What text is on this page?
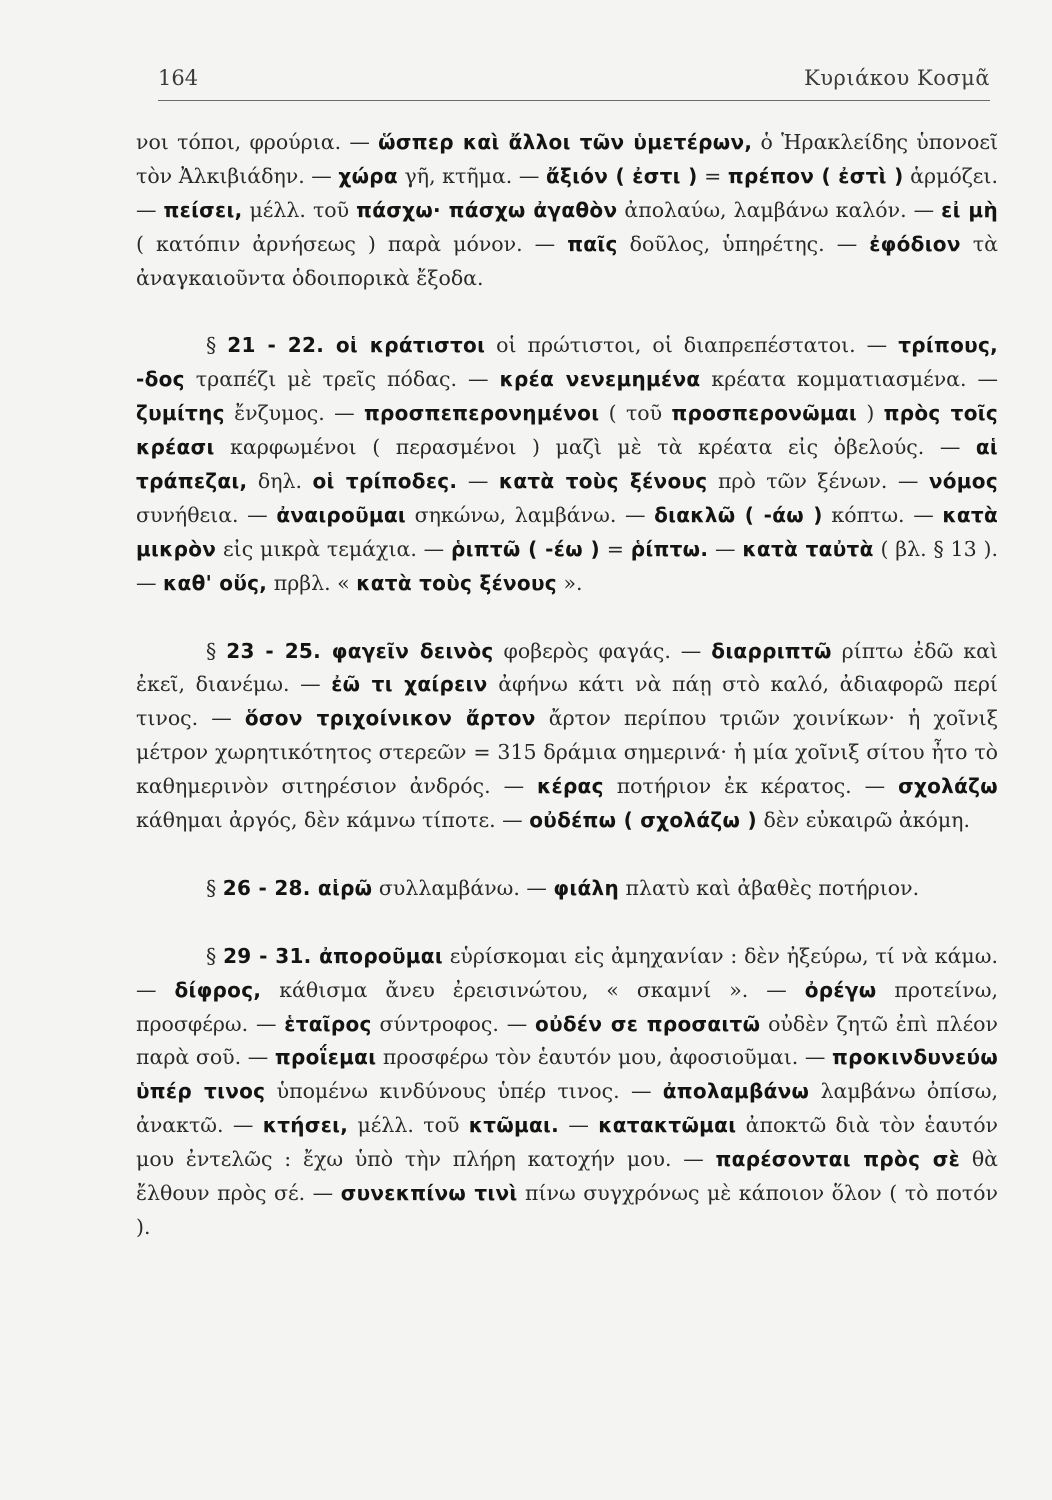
164	Κυριάκου Κοσμᾶ

νοι τόποι, φρούρια. — ὥσπερ καὶ ἄλλοι τῶν ὑμετέρων, ὁ Ἡρακλείδης ὑπονοεῖ τὸν Ἀλκιβιάδην. — χώρα γῆ, κτῆμα. — ἄξιόν ( ἐστι ) = πρέπον ( ἐστὶ ) ἁρμόζει. — πείσει, μέλλ. τοῦ πάσχω· πάσχω ἀγαθὸν ἀπολαύω, λαμβάνω καλόν. — εἰ μὴ ( κατόπιν ἀρνήσεως ) παρὰ μόνον. — παῖς δοῦλος, ὑπηρέτης. — ἐφόδιον τὰ ἀναγκαιοῦντα ὁδοιπορικὰ ἔξοδα.

§ 21 - 22. οἱ κράτιστοι οἱ πρώτιστοι, οἱ διαπρεπέστατοι. — τρίπους, -δος τραπέζι μὲ τρεῖς πόδας. — κρέα νενεμημένα κρέατα κομματιασμένα. — ζυμίτης ἔνζυμος. — προσπεπερονημένοι ( τοῦ προσπερονῶμαι ) πρὸς τοῖς κρέασι καρφωμένοι ( περασμένοι ) μαζὶ μὲ τὰ κρέατα εἰς ὀβελούς. — αἱ τράπεζαι, δηλ. οἱ τρίποδες. — κατὰ τοὺς ξένους πρὸ τῶν ξένων. — νόμος συνήθεια. — ἀναιροῦμαι σηκώνω, λαμβάνω. — διακλῶ ( -άω ) κόπτω. — κατὰ μικρὸν εἰς μικρὰ τεμάχια. — ῥιπτῶ ( -έω ) = ῥίπτω. — κατὰ ταὐτὰ ( βλ. § 13 ). — καθ' οὕς, πρβλ. « κατὰ τοὺς ξένους ».

§ 23 - 25. φαγεῖν δεινὸς φοβερὸς φαγάς. — διαρριπτῶ ρίπτω ἐδῶ καὶ ἐκεῖ, διανέμω. — ἐῶ τι χαίρειν ἀφήνω κάτι νὰ πάῃ στὸ καλό, ἀδιαφορῶ περί τινος. — ὅσον τριχοίνικον ἄρτον ἄρτον περίπου τριῶν χοινίκων· ἡ χοῖνιξ μέτρον χωρητικότητος στερεῶν = 315 δράμια σημερινά· ἡ μία χοῖνιξ σίτου ἦτο τὸ καθημερινὸν σιτηρέσιον ἀνδρός. — κέρας ποτήριον ἐκ κέρατος. — σχολάζω κάθημαι ἀργός, δὲν κάμνω τίποτε. — οὐδέπω ( σχολάζω ) δὲν εὐκαιρῶ ἀκόμη.

§ 26 - 28. αἱρῶ συλλαμβάνω. — φιάλη πλατὺ καὶ ἀβαθὲς ποτήριον.

§ 29 - 31. ἀποροῦμαι εὑρίσκομαι εἰς ἀμηχανίαν : δὲν ἠξεύρω, τί νὰ κάμω. — δίφρος, κάθισμα ἄνευ ἐρεισινώτου, « σκαμνί ». — ὀρέγω προτείνω, προσφέρω. — ἑταῖρος σύντροφος. — οὐδέν σε προσαιτῶ οὐδὲν ζητῶ ἐπὶ πλέον παρὰ σοῦ. — προΐεμαι προσφέρω τὸν ἑαυτόν μου, ἀφοσιοῦμαι. — προκινδυνεύω ὑπέρ τινος ὑπομένω κινδύνους ὑπέρ τινος. — ἀπολαμβάνω λαμβάνω ὀπίσω, ἀνακτῶ. — κτήσει, μέλλ. τοῦ κτῶμαι. — κατακτῶμαι ἀποκτῶ διὰ τὸν ἑαυτόν μου ἐντελῶς : ἔχω ὑπὸ τὴν πλήρη κατοχήν μου. — παρέσονται πρὸς σὲ θὰ ἔλθουν πρὸς σέ. — συνεκπίνω τινὶ πίνω συγχρόνως μὲ κάποιον ὅλον ( τὸ ποτόν ).
